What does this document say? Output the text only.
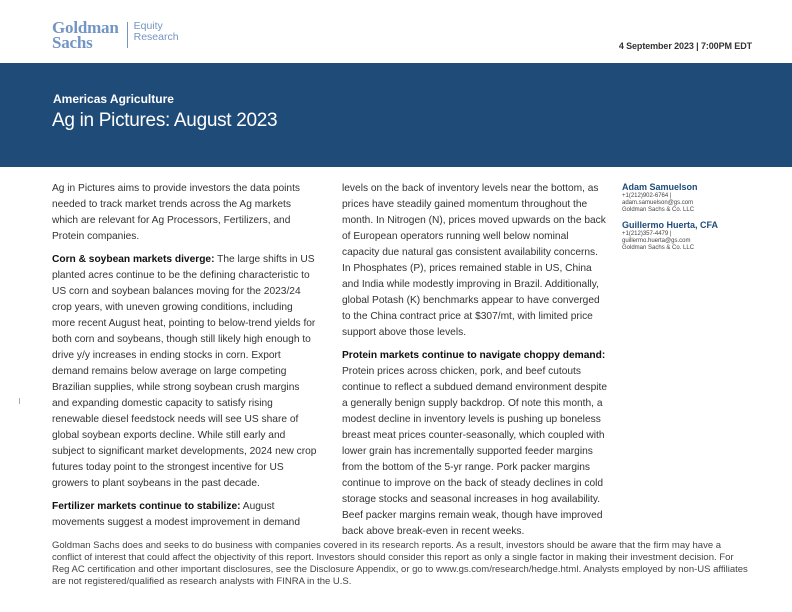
Goldman
Sachs
Equity
Research
4 September 2023 | 7:00PM EDT
Americas Agriculture
Ag in Pictures: August 2023

Ag in Pictures aims to provide investors the data points needed to track market trends across the Ag markets which are relevant for Ag Processors, Fertilizers, and Protein companies.

Corn & soybean markets diverge: The large shifts in US planted acres continue to be the defining characteristic to US corn and soybean balances moving for the 2023/24 crop years, with uneven growing conditions, including more recent August heat, pointing to below-trend yields for both corn and soybeans, though still likely high enough to drive y/y increases in ending stocks in corn. Export demand remains below average on large competing Brazilian supplies, while strong soybean crush margins and expanding domestic capacity to satisfy rising renewable diesel feedstock needs will see US share of global soybean exports decline. While still early and subject to significant market developments, 2024 new crop futures today point to the strongest incentive for US growers to plant soybeans in the past decade.

Fertilizer markets continue to stabilize: August movements suggest a modest improvement in demand

levels on the back of inventory levels near the bottom, as prices have steadily gained momentum throughout the month. In Nitrogen (N), prices moved upwards on the back of European operators running well below nominal capacity due natural gas consistent availability concerns. In Phosphates (P), prices remained stable in US, China and India while modestly improving in Brazil. Additionally, global Potash (K) benchmarks appear to have converged to the China contract price at $307/mt, with limited price support above those levels.

Protein markets continue to navigate choppy demand:
Protein prices across chicken, pork, and beef cutouts continue to reflect a subdued demand environment despite a generally benign supply backdrop. Of note this month, a modest decline in inventory levels is pushing up boneless breast meat prices counter-seasonally, which coupled with lower grain has incrementally supported feeder margins from the bottom of the 5-yr range. Pork packer margins continue to improve on the back of steady declines in cold storage stocks and seasonal increases in hog availability. Beef packer margins remain weak, though have improved back above break-even in recent weeks.

Adam Samuelson
+1(212)902-6764 |
adam.samuelson@gs.com
Goldman Sachs & Co. LLC
Guillermo Huerta, CFA
+1(212)357-4479 |
guillermo.huerta@gs.com
Goldman Sachs & Co. LLC

Goldman Sachs does and seeks to do business with companies covered in its research reports. As a result, investors should be aware that the firm may have a conflict of interest that could affect the objectivity of this report. Investors should consider this report as only a single factor in making their investment decision. For Reg AC certification and other important disclosures, see the Disclosure Appendix, or go to www.gs.com/research/hedge.html. Analysts employed by non-US affiliates are not registered/qualified as research analysts with FINRA in the U.S.
